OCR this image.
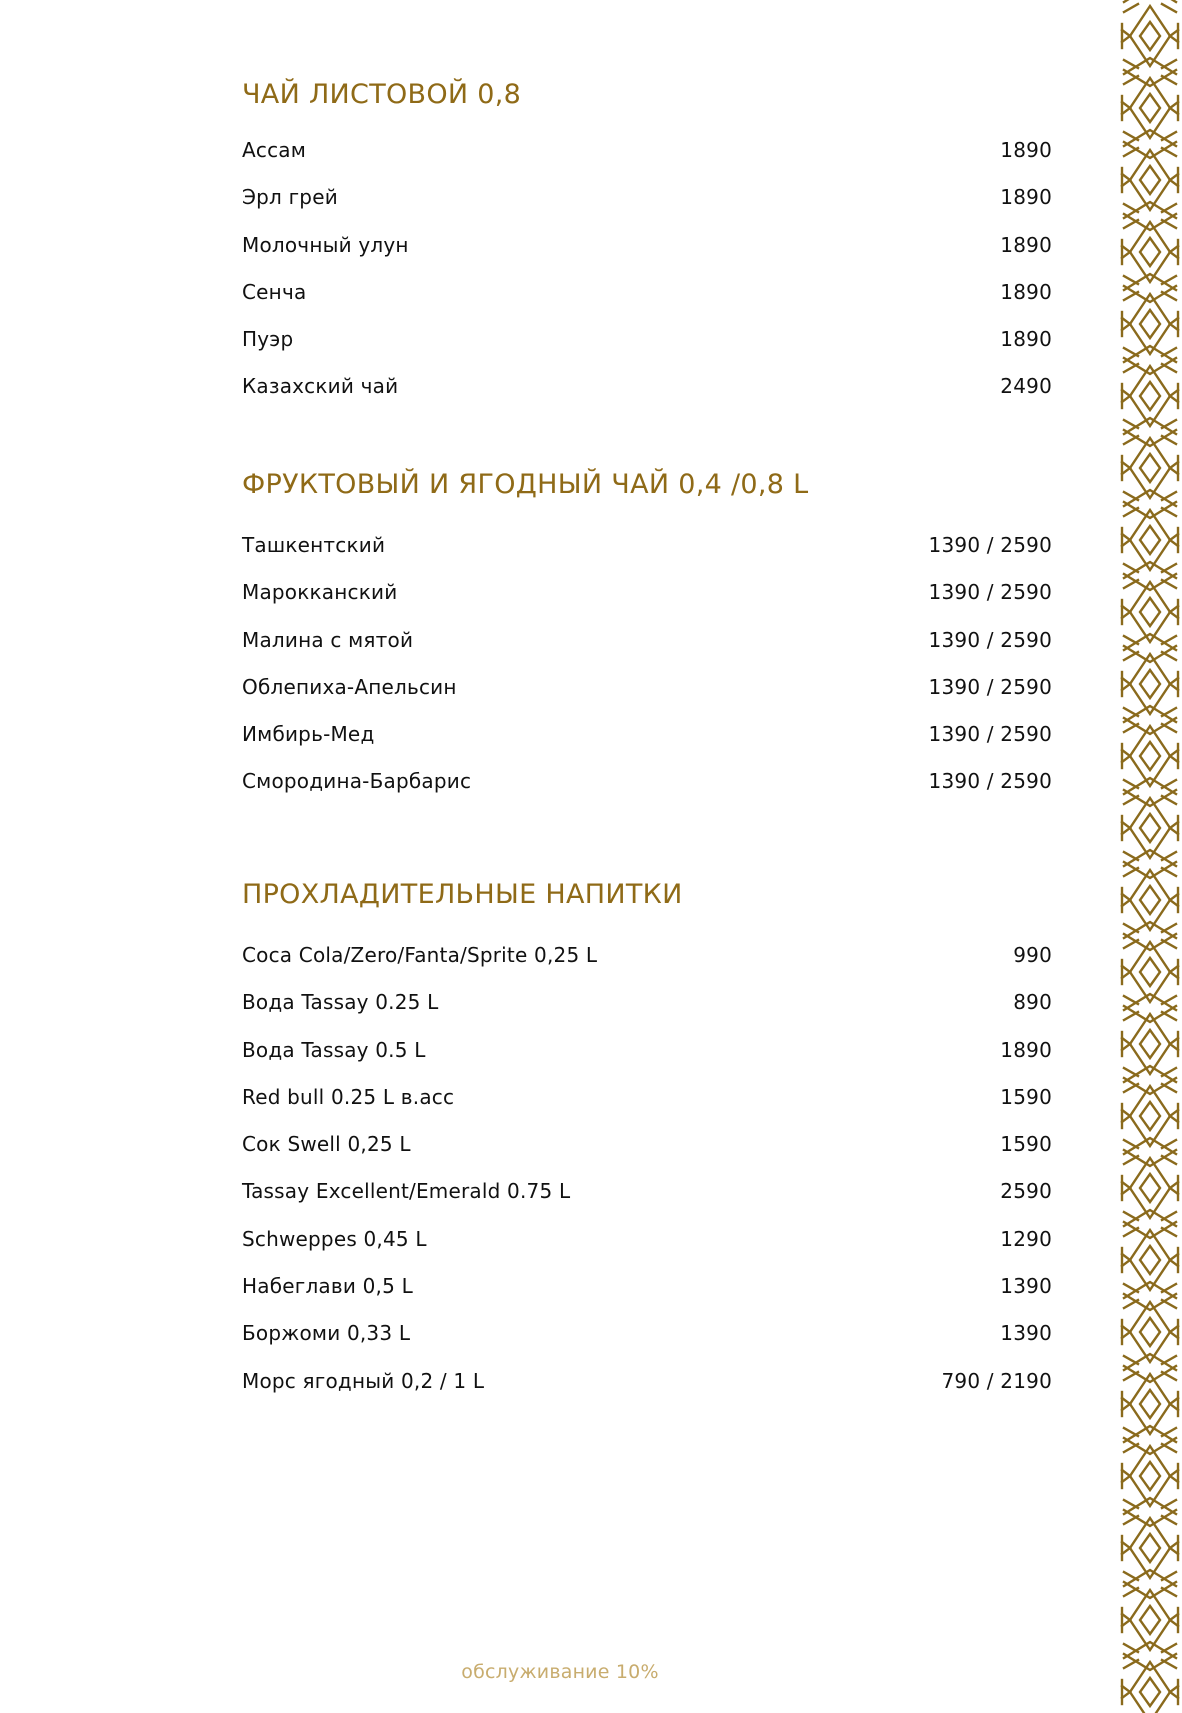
ЧАЙ ЛИСТОВОЙ 0,8
Ассам	1890
Эрл грей	1890
Молочный улун	1890
Сенча	1890
Пуэр	1890
Казахский чай	2490
ФРУКТОВЫЙ И ЯГОДНЫЙ ЧАЙ 0,4 /0,8 L
Ташкентский	1390 / 2590
Марокканский	1390 / 2590
Малина с мятой	1390 / 2590
Облепиха-Апельсин	1390 / 2590
Имбирь-Мед	1390 / 2590
Смородина-Барбарис	1390 / 2590
ПРОХЛАДИТЕЛЬНЫЕ НАПИТКИ
Coca Cola/Zero/Fanta/Sprite 0,25 L	990
Вода Tassay 0.25 L	890
Вода Tassay 0.5 L	1890
Red bull 0.25 L в.асс	1590
Сок Swell 0,25 L	1590
Tassay Excellent/Emerald 0.75 L	2590
Schweppes 0,45 L	1290
Набеглави 0,5 L	1390
Боржоми 0,33 L	1390
Морс ягодный 0,2 / 1 L	790 / 2190
обслуживание 10%
